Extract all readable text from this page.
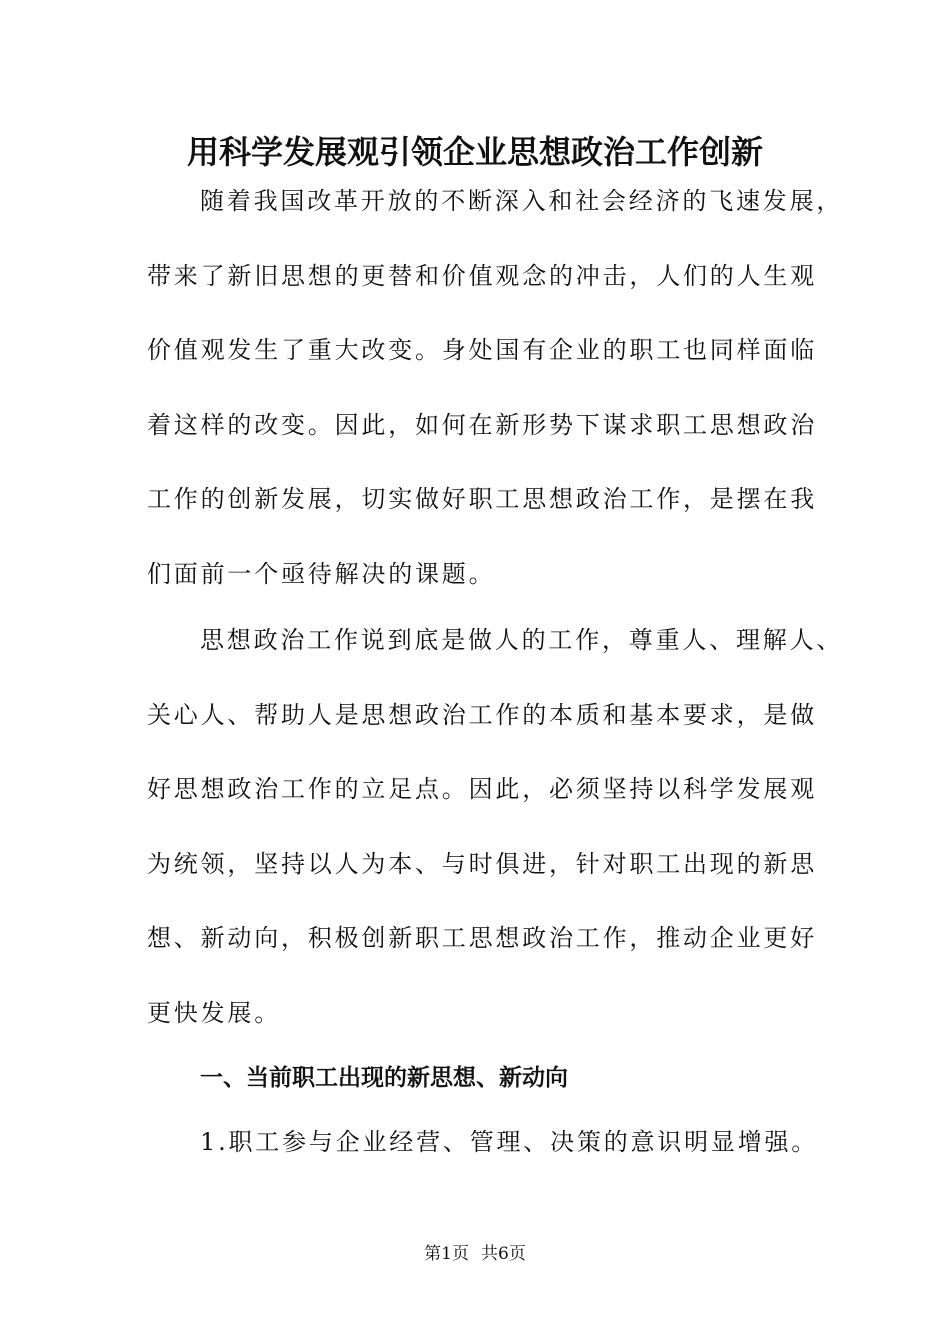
用科学发展观引领企业思想政治工作创新
随着我国改革开放的不断深入和社会经济的飞速发展，
带来了新旧思想的更替和价值观念的冲击，人们的人生观
价值观发生了重大改变。身处国有企业的职工也同样面临
着这样的改变。因此，如何在新形势下谋求职工思想政治
工作的创新发展，切实做好职工思想政治工作，是摆在我
们面前一个亟待解决的课题。
思想政治工作说到底是做人的工作，尊重人、理解人、
关心人、帮助人是思想政治工作的本质和基本要求，是做
好思想政治工作的立足点。因此，必须坚持以科学发展观
为统领，坚持以人为本、与时俱进，针对职工出现的新思
想、新动向，积极创新职工思想政治工作，推动企业更好
更快发展。
一、当前职工出现的新思想、新动向

1.职工参与企业经营、管理、决策的意识明显增强。

第1页 共6页
